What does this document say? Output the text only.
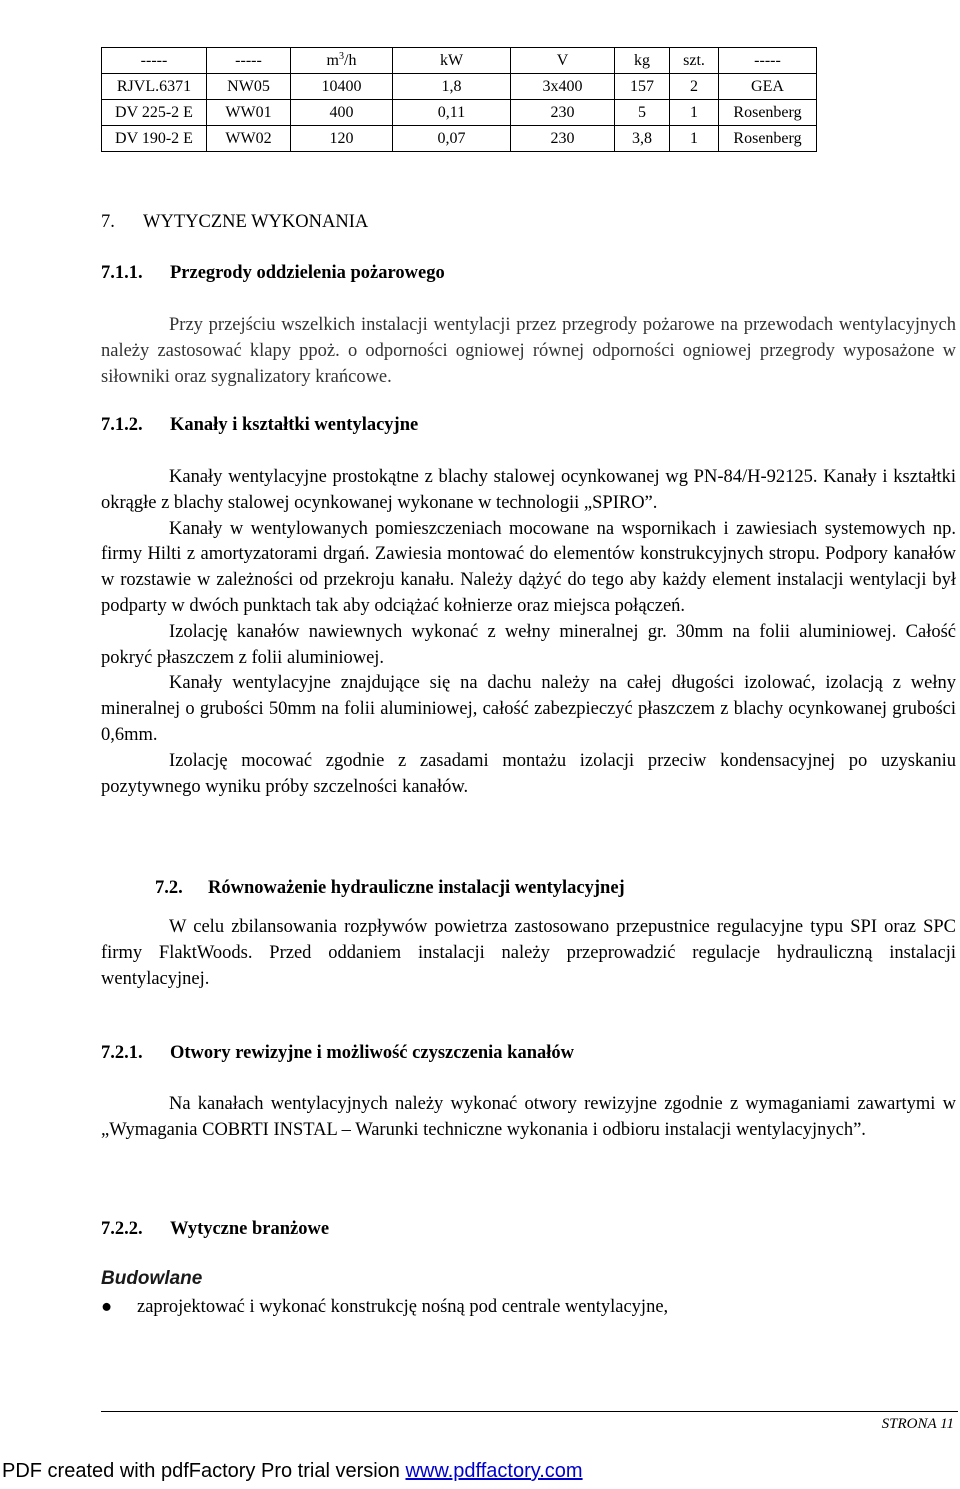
-----	-----	$m^3/h$	kW	V	kg	szt.	-----
RJVL.6371	NW05	10400	1,8	3x400	157	2	GEA
DV 225-2 E	WW01	400	0,11	230	5	1	Rosenberg
DV 190-2 E	WW02	120	0,07	230	3,8	1	Rosenberg
7. WYTYCZNE WYKONANIA
7.1.1. Przegrody oddzielenia pożarowego

Przy przejściu wszelkich instalacji wentylacji przez przegrody pożarowe na przewodach wentylacyjnych należy zastosować klapy ppoż. o odporności ogniowej równej odporności ogniowej przegrody wyposażone w siłowniki oraz sygnalizatory krańcowe.

7.1.2. Kanały i kształtki wentylacyjne

Kanały wentylacyjne prostokątne z blachy stalowej ocynkowanej wg PN-84/H-92125. Kanały i kształtki okrągłe z blachy stalowej ocynkowanej wykonane w technologii „SPIRO”.

Kanały w wentylowanych pomieszczeniach mocowane na wspornikach i zawiesiach systemowych np. firmy Hilti z amortyzatorami drgań. Zawiesia montować do elementów konstrukcyjnych stropu. Podpory kanałów w rozstawie w zależności od przekroju kanału. Należy dążyć do tego aby każdy element instalacji wentylacji był podparty w dwóch punktach tak aby odciążać kołnierze oraz miejsca połączeń.

Izolację kanałów nawiewnych wykonać z wełny mineralnej gr. 30mm na folii aluminiowej. Całość pokryć płaszczem z folii aluminiowej.

Kanały wentylacyjne znajdujące się na dachu należy na całej długości izolować, izolacją z wełny mineralnej o grubości 50mm na folii aluminiowej, całość zabezpieczyć płaszczem z blachy ocynkowanej grubości 0,6mm.

Izolację mocować zgodnie z zasadami montażu izolacji przeciw kondensacyjnej po uzyskaniu pozytywnego wyniku próby szczelności kanałów.

7.2. Równoważenie hydrauliczne instalacji wentylacyjnej

W celu zbilansowania rozpływów powietrza zastosowano przepustnice regulacyjne typu SPI oraz SPC firmy FlaktWoods. Przed oddaniem instalacji należy przeprowadzić regulacje hydrauliczną instalacji wentylacyjnej.

7.2.1. Otwory rewizyjne i możliwość czyszczenia kanałów

Na kanałach wentylacyjnych należy wykonać otwory rewizyjne zgodnie z wymaganiami zawartymi w „Wymagania COBRTI INSTAL – Warunki techniczne wykonania i odbioru instalacji wentylacyjnych”.

7.2.2. Wytyczne branżowe
Budowlane
● zaprojektować i wykonać konstrukcję nośną pod centrale wentylacyjne,
STRONA 11
PDF created with pdfFactory Pro trial version www.pdffactory.com
